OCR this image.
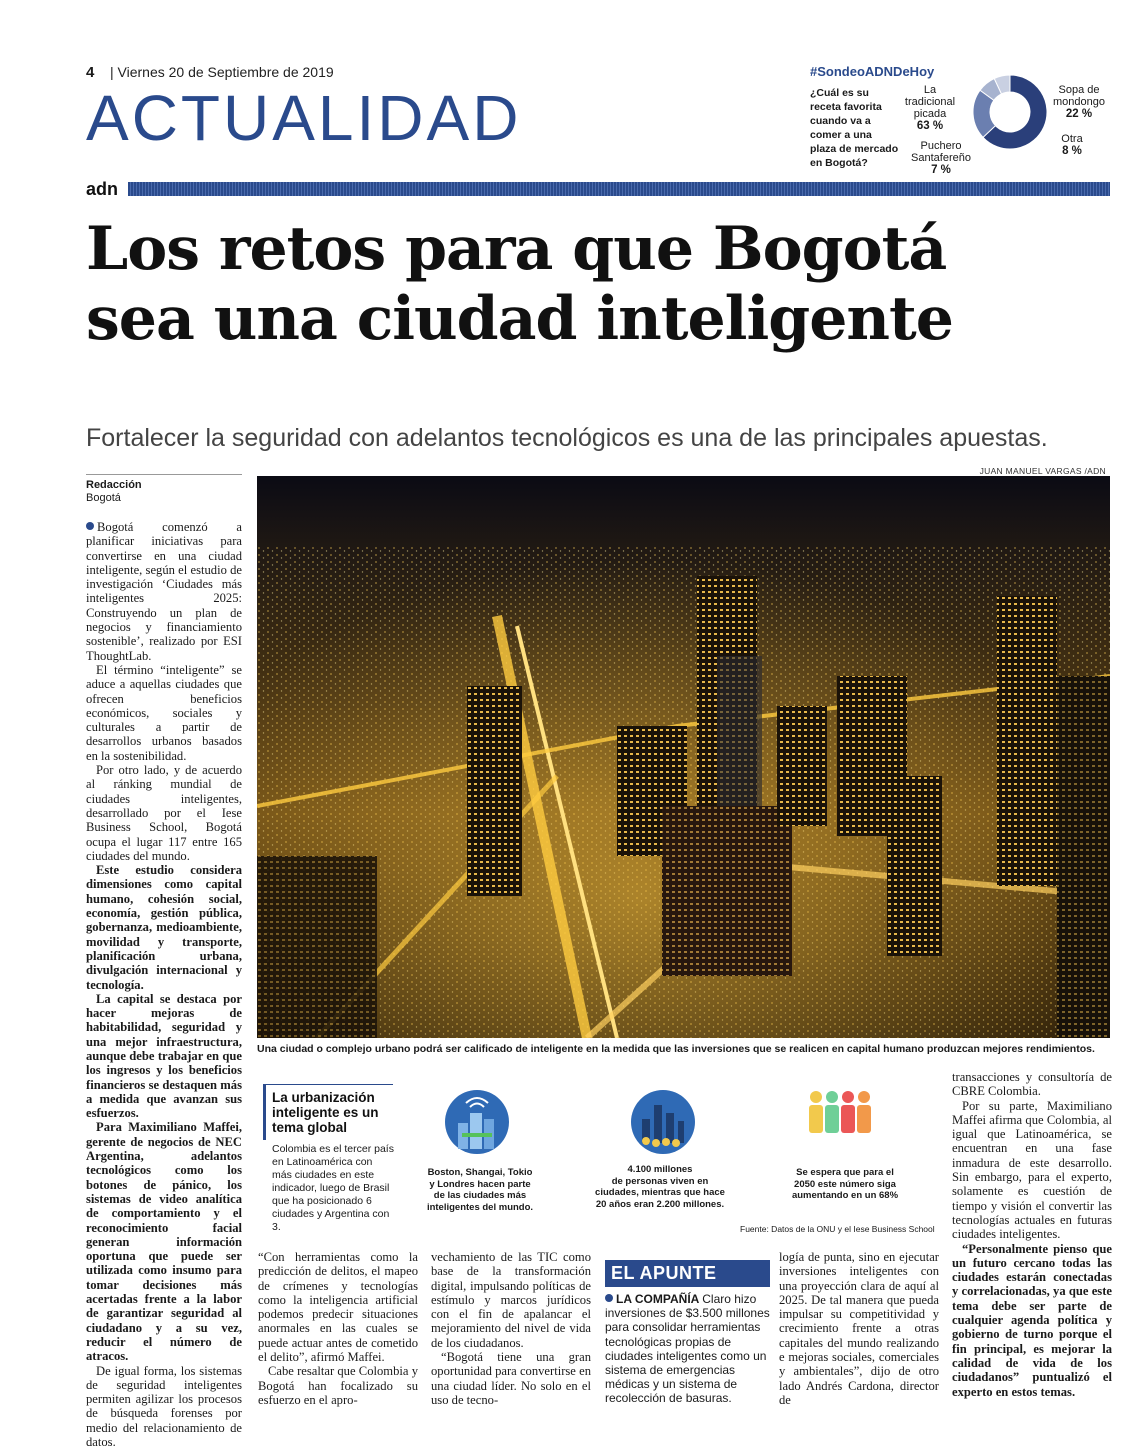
4 | Viernes 20 de Septiembre de 2019
ACTUALIDAD
adn
#SondeoADNDeHoy
¿Cuál es su receta favorita cuando va a comer a una plaza de mercado en Bogotá?
La tradicional picada
63 %
Sopa de mondongo
22 %
Otra
8 %
Puchero Santafereño
7 %
Los retos para que Bogotá
sea una ciudad inteligente
Fortalecer la seguridad con adelantos tecnológicos es una de las principales apuestas.
Redacción
Bogotá
JUAN MANUEL VARGAS /ADN
Una ciudad o complejo urbano podrá ser calificado de inteligente en la medida que las inversiones que se realicen en capital humano produzcan mejores rendimientos.

Bogotá comenzó a planificar iniciativas para convertirse en una ciudad inteligente, según el estudio de investigación ‘Ciudades más inteligentes 2025: Construyendo un plan de negocios y financiamiento sostenible’, realizado por ESI ThoughtLab.

El término “inteligente” se aduce a aquellas ciudades que ofrecen beneficios económicos, sociales y culturales a partir de desarrollos urbanos basados en la sostenibilidad.

Por otro lado, y de acuerdo al ránking mundial de ciudades inteligentes, desarrollado por el Iese Business School, Bogotá ocupa el lugar 117 entre 165 ciudades del mundo.

Este estudio considera dimensiones como capital humano, cohesión social, economía, gestión pública, gobernanza, medioambiente, movilidad y transporte, planificación urbana, divulgación internacional y tecnología.

La capital se destaca por hacer mejoras de habitabilidad, seguridad y una mejor infraestructura, aunque debe trabajar en que los ingresos y los beneficios financieros se destaquen más a medida que avanzan sus esfuerzos.

Para Maximiliano Maffei, gerente de negocios de NEC Argentina, adelantos tecnológicos como los botones de pánico, los sistemas de video analítica de comportamiento y el reconocimiento facial generan información oportuna que puede ser utilizada como insumo para tomar decisiones más acertadas frente a la labor de garantizar seguridad al ciudadano y a su vez, reducir el número de atracos.

De igual forma, los sistemas de seguridad inteligentes permiten agilizar los procesos de búsqueda forenses por medio del relacionamiento de datos.

La urbanización inteligente es un tema global
Colombia es el tercer país en Latinoamérica con más ciudades en este indicador, luego de Brasil que ha posicionado 6 ciudades y Argentina con 3.
Boston, Shangai, Tokio y Londres hacen parte de las ciudades más inteligentes del mundo.
4.100 millones
de personas viven en ciudades, mientras que hace 20 años eran 2.200 millones.
Se espera que para el 2050 este número siga aumentando en un 68%
Fuente: Datos de la ONU y el Iese Business School

“Con herramientas como la predicción de delitos, el mapeo de crímenes y tecnologías como la inteligencia artificial podemos predecir situaciones anormales en las cuales se puede actuar antes de cometido el delito”, afirmó Maffei.

Cabe resaltar que Colombia y Bogotá han focalizado su esfuerzo en el apro-

vechamiento de las TIC como base de la transformación digital, impulsando políticas de estímulo y marcos jurídicos con el fin de apalancar el mejoramiento del nivel de vida de los ciudadanos.

“Bogotá tiene una gran oportunidad para convertirse en una ciudad líder. No solo en el uso de tecno-

EL APUNTE
LA COMPAÑÍA Claro hizo inversiones de $3.500 millones para consolidar herramientas tecnológicas propias de ciudades inteligentes como un sistema de emergencias médicas y un sistema de recolección de basuras.

logía de punta, sino en ejecutar inversiones inteligentes con una proyección clara de aquí al 2025. De tal manera que pueda impulsar su competitividad y crecimiento frente a otras capitales del mundo realizando e mejoras sociales, comerciales y ambientales”, dijo de otro lado Andrés Cardona, director de

transacciones y consultoría de CBRE Colombia.

Por su parte, Maximiliano Maffei afirma que Colombia, al igual que Latinoamérica, se encuentran en una fase inmadura de este desarrollo. Sin embargo, para el experto, solamente es cuestión de tiempo y visión el convertir las tecnologías actuales en futuras ciudades inteligentes.

“Personalmente pienso que un futuro cercano todas las ciudades estarán conectadas y correlacionadas, ya que este tema debe ser parte de cualquier agenda política y gobierno de turno porque el fin principal, es mejorar la calidad de vida de los ciudadanos” puntualizó el experto en estos temas.
